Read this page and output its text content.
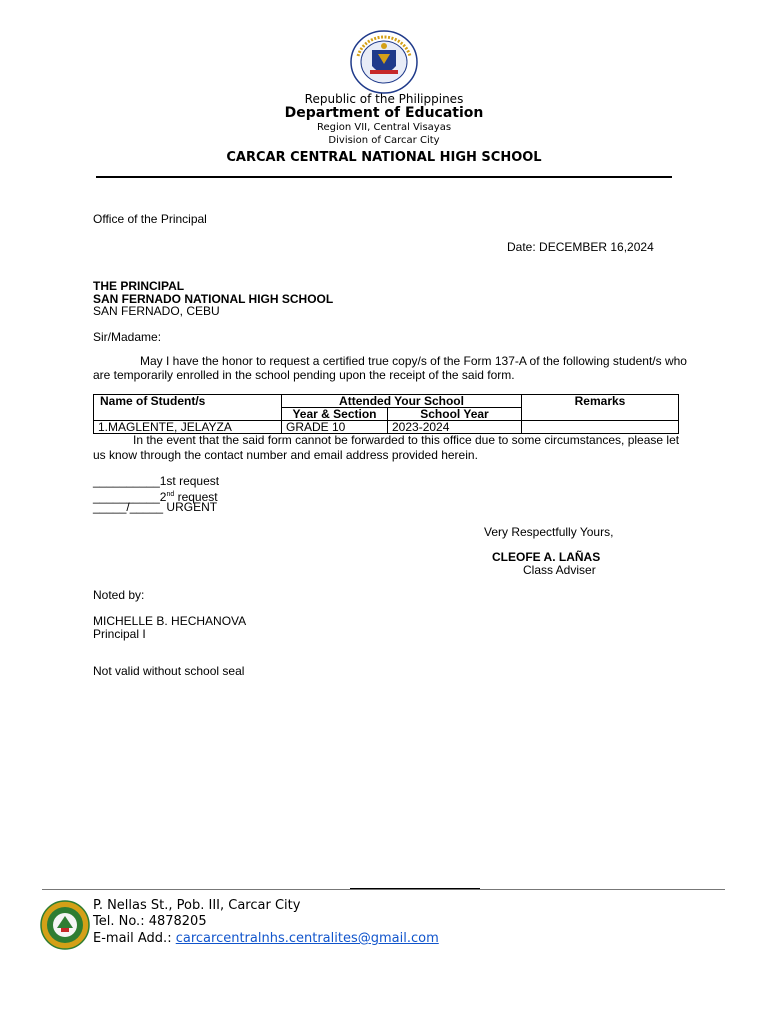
Republic of the Philippines
Department of Education
Region VII, Central Visayas
Division of Carcar City
CARCAR CENTRAL NATIONAL HIGH SCHOOL
Office of the Principal
Date: DECEMBER 16,2024
THE PRINCIPAL
SAN FERNADO NATIONAL HIGH SCHOOL
SAN FERNADO, CEBU
Sir/Madame:
May I have the honor to request a certified true copy/s of the Form 137-A of the following student/s who
are temporarily enrolled in the school pending upon the receipt of the said form.
Name of Student/s	Attended Your School		Remarks
	Year & Section	School Year	
1.MAGLENTE, JELAYZA	GRADE 10	2023-2024	
In the event that the said form cannot be forwarded to this office due to some circumstances, please let
us know through the contact number and email address provided herein.
__________1st request
__________2nd request
_____/_____ URGENT
Very Respectfully Yours,
CLEOFE A. LAÑAS
Class Adviser
Noted by:
MICHELLE B. HECHANOVA
Principal I
Not valid without school seal
P. Nellas St., Pob. III, Carcar City
Tel. No.: 4878205
E-mail Add.: carcarcentralnhs.centralites@gmail.com
